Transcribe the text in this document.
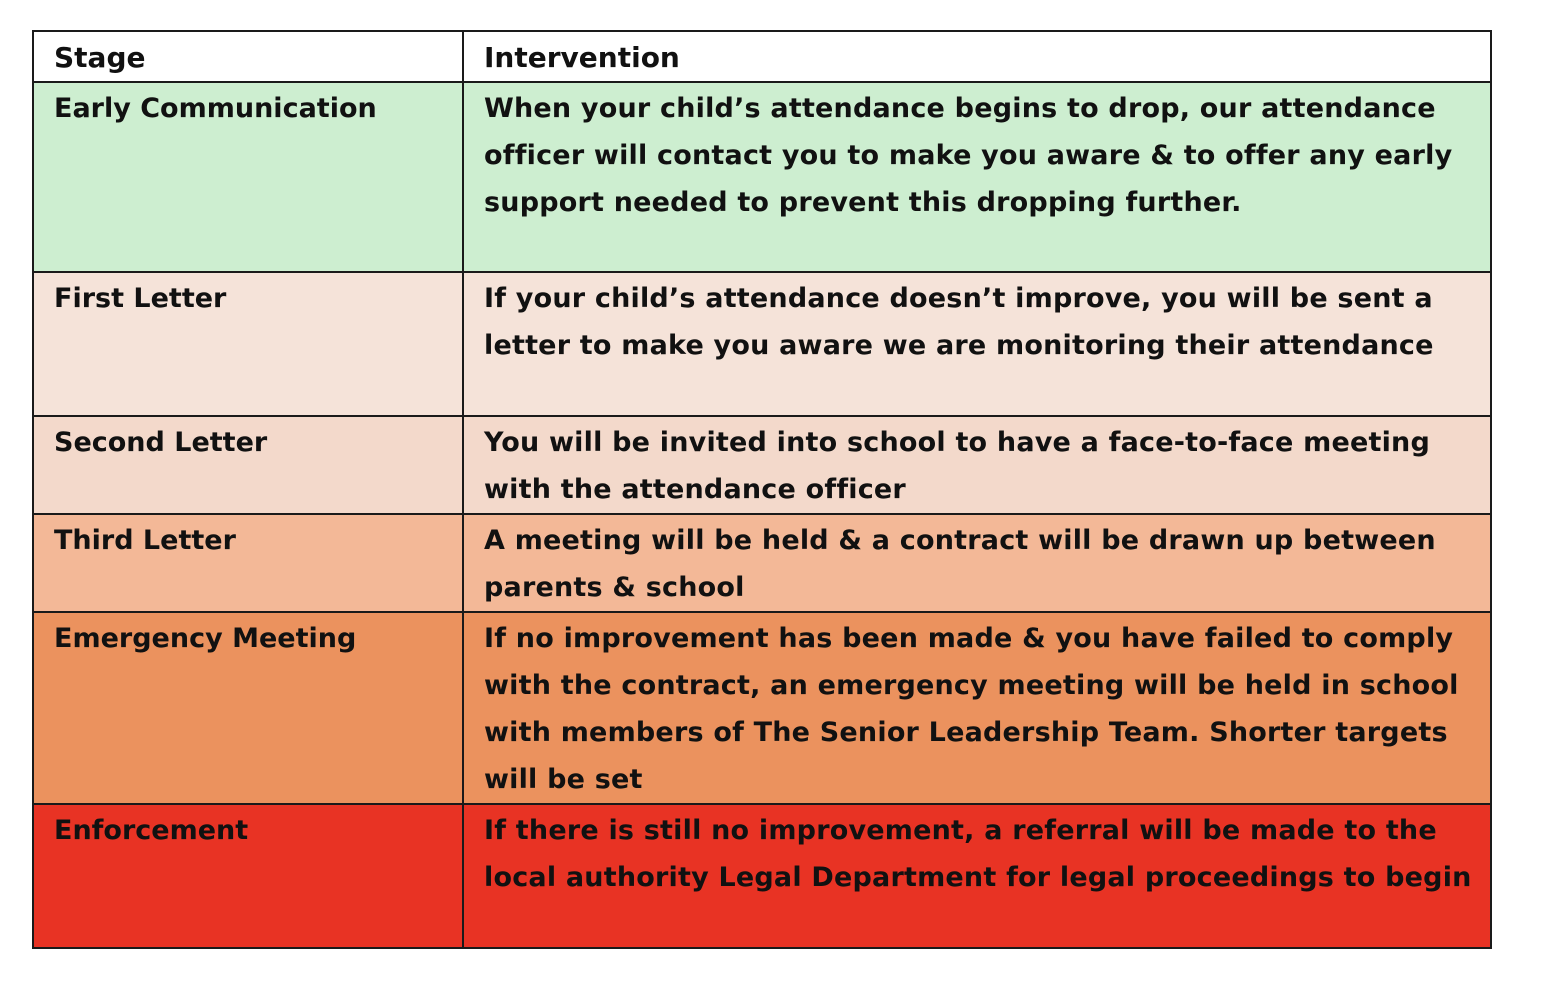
Stage	Intervention
Early Communication	When your child’s attendance begins to drop, our attendance officer will contact you to make you aware & to offer any early support needed to prevent this dropping further.
First Letter	If your child’s attendance doesn’t improve, you will be sent a letter to make you aware we are monitoring their attendance
Second Letter	You will be invited into school to have a face-to-face meeting with the attendance officer
Third Letter	A meeting will be held & a contract will be drawn up between parents & school
Emergency Meeting	If no improvement has been made & you have failed to comply with the contract, an emergency meeting will be held in school with members of The Senior Leadership Team. Shorter targets will be set
Enforcement	If there is still no improvement, a referral will be made to the local authority Legal Department for legal proceedings to begin
